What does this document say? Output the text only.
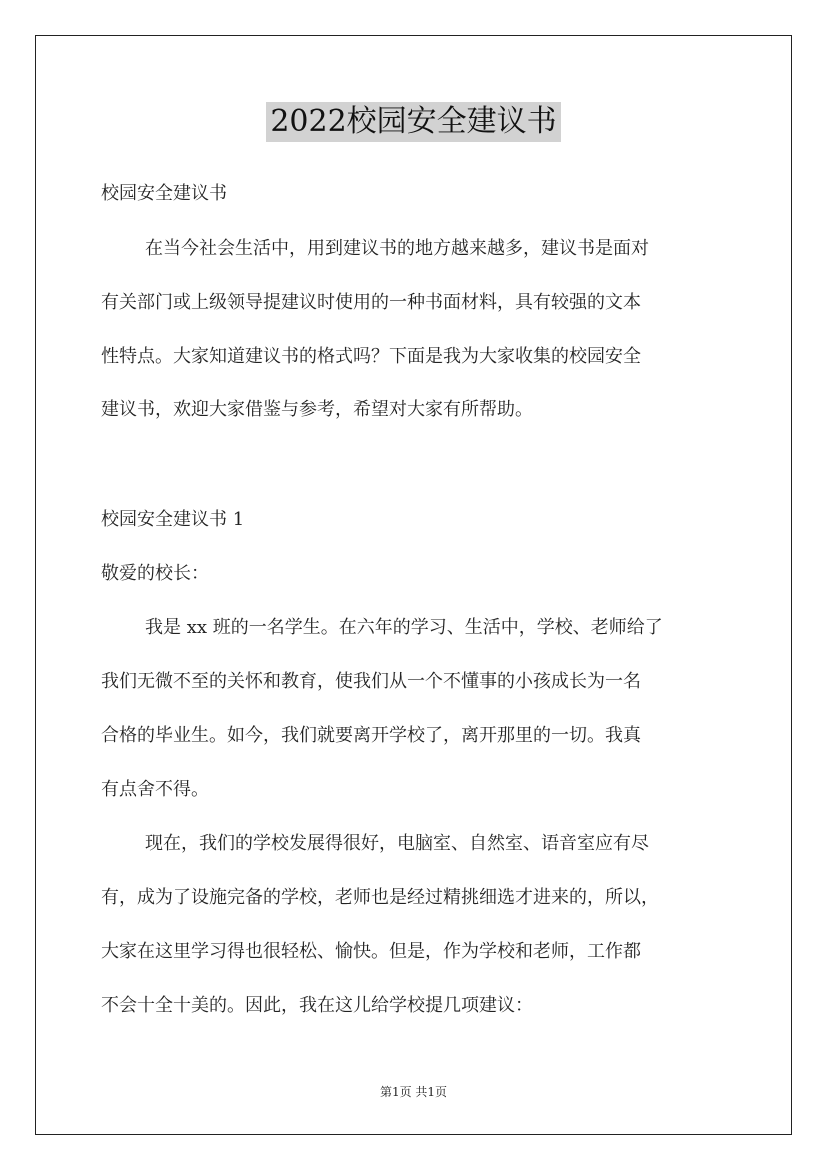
2022校园安全建议书
校园安全建议书
在当今社会生活中，用到建议书的地方越来越多，建议书是面对
有关部门或上级领导提建议时使用的一种书面材料，具有较强的文本
性特点。大家知道建议书的格式吗？下面是我为大家收集的校园安全
建议书，欢迎大家借鉴与参考，希望对大家有所帮助。
校园安全建议书 1
敬爱的校长：
我是 xx 班的一名学生。在六年的学习、生活中，学校、老师给了
我们无微不至的关怀和教育，使我们从一个不懂事的小孩成长为一名
合格的毕业生。如今，我们就要离开学校了，离开那里的一切。我真
有点舍不得。
现在，我们的学校发展得很好，电脑室、自然室、语音室应有尽
有，成为了设施完备的学校，老师也是经过精挑细选才进来的，所以，
大家在这里学习得也很轻松、愉快。但是，作为学校和老师，工作都
不会十全十美的。因此，我在这儿给学校提几项建议：
第1页 共1页
